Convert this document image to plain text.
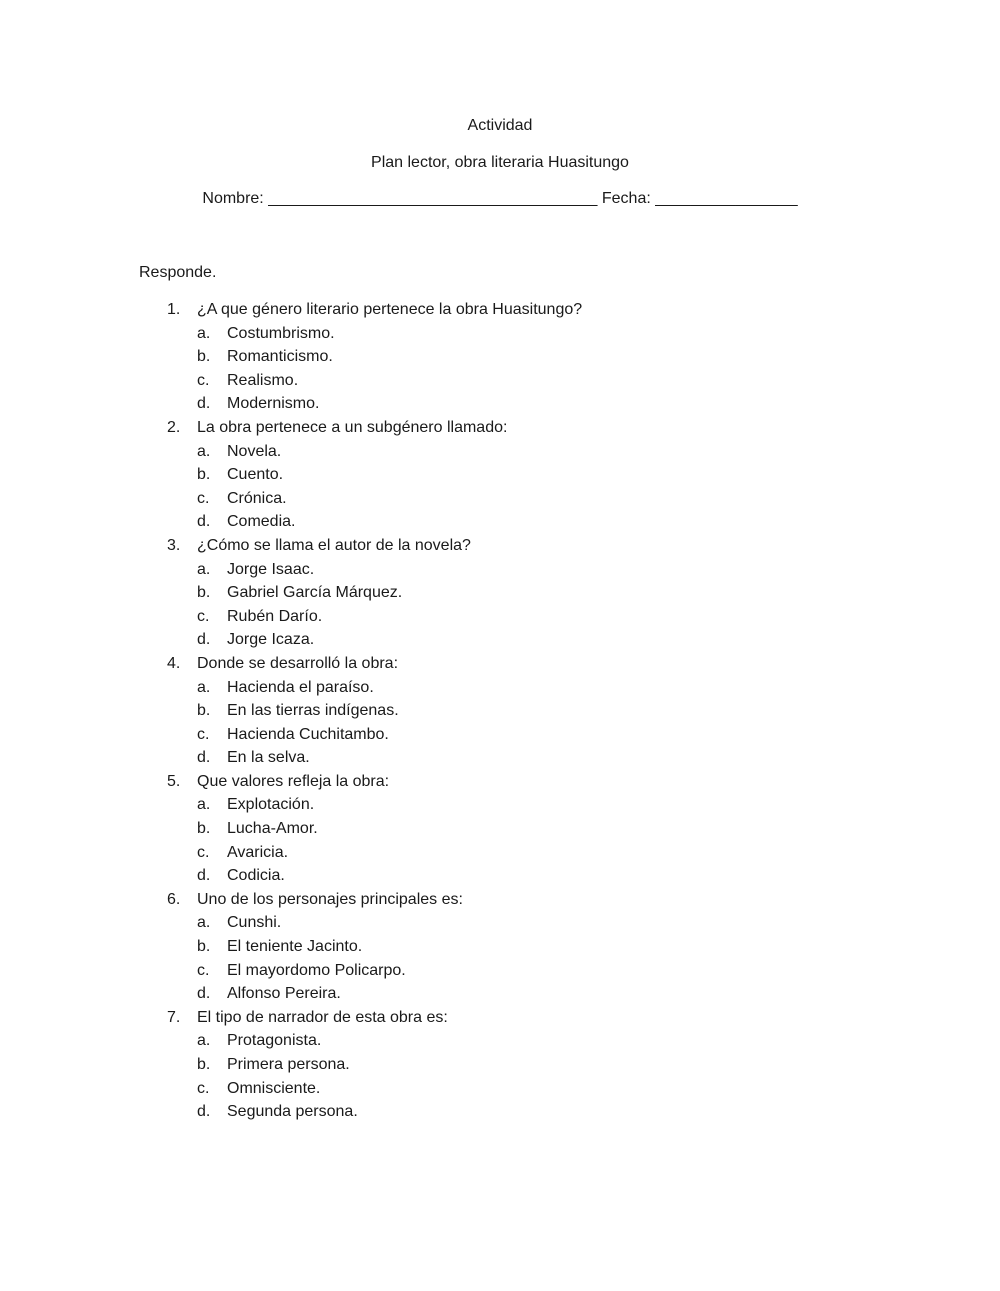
Actividad
Plan lector, obra literaria Huasitungo
Nombre: _____________________________________ Fecha: ________________
Responde.
1. ¿A que género literario pertenece la obra Huasitungo?
a. Costumbrismo.
b. Romanticismo.
c. Realismo.
d. Modernismo.
2. La obra pertenece a un subgénero llamado:
a. Novela.
b. Cuento.
c. Crónica.
d. Comedia.
3. ¿Cómo se llama el autor de la novela?
a. Jorge Isaac.
b. Gabriel García Márquez.
c. Rubén Darío.
d. Jorge Icaza.
4. Donde se desarrolló la obra:
a. Hacienda el paraíso.
b. En las tierras indígenas.
c. Hacienda Cuchitambo.
d. En la selva.
5. Que valores refleja la obra:
a. Explotación.
b. Lucha-Amor.
c. Avaricia.
d. Codicia.
6. Uno de los personajes principales es:
a. Cunshi.
b. El teniente Jacinto.
c. El mayordomo Policarpo.
d. Alfonso Pereira.
7. El tipo de narrador de esta obra es:
a. Protagonista.
b. Primera persona.
c. Omnisciente.
d. Segunda persona.
